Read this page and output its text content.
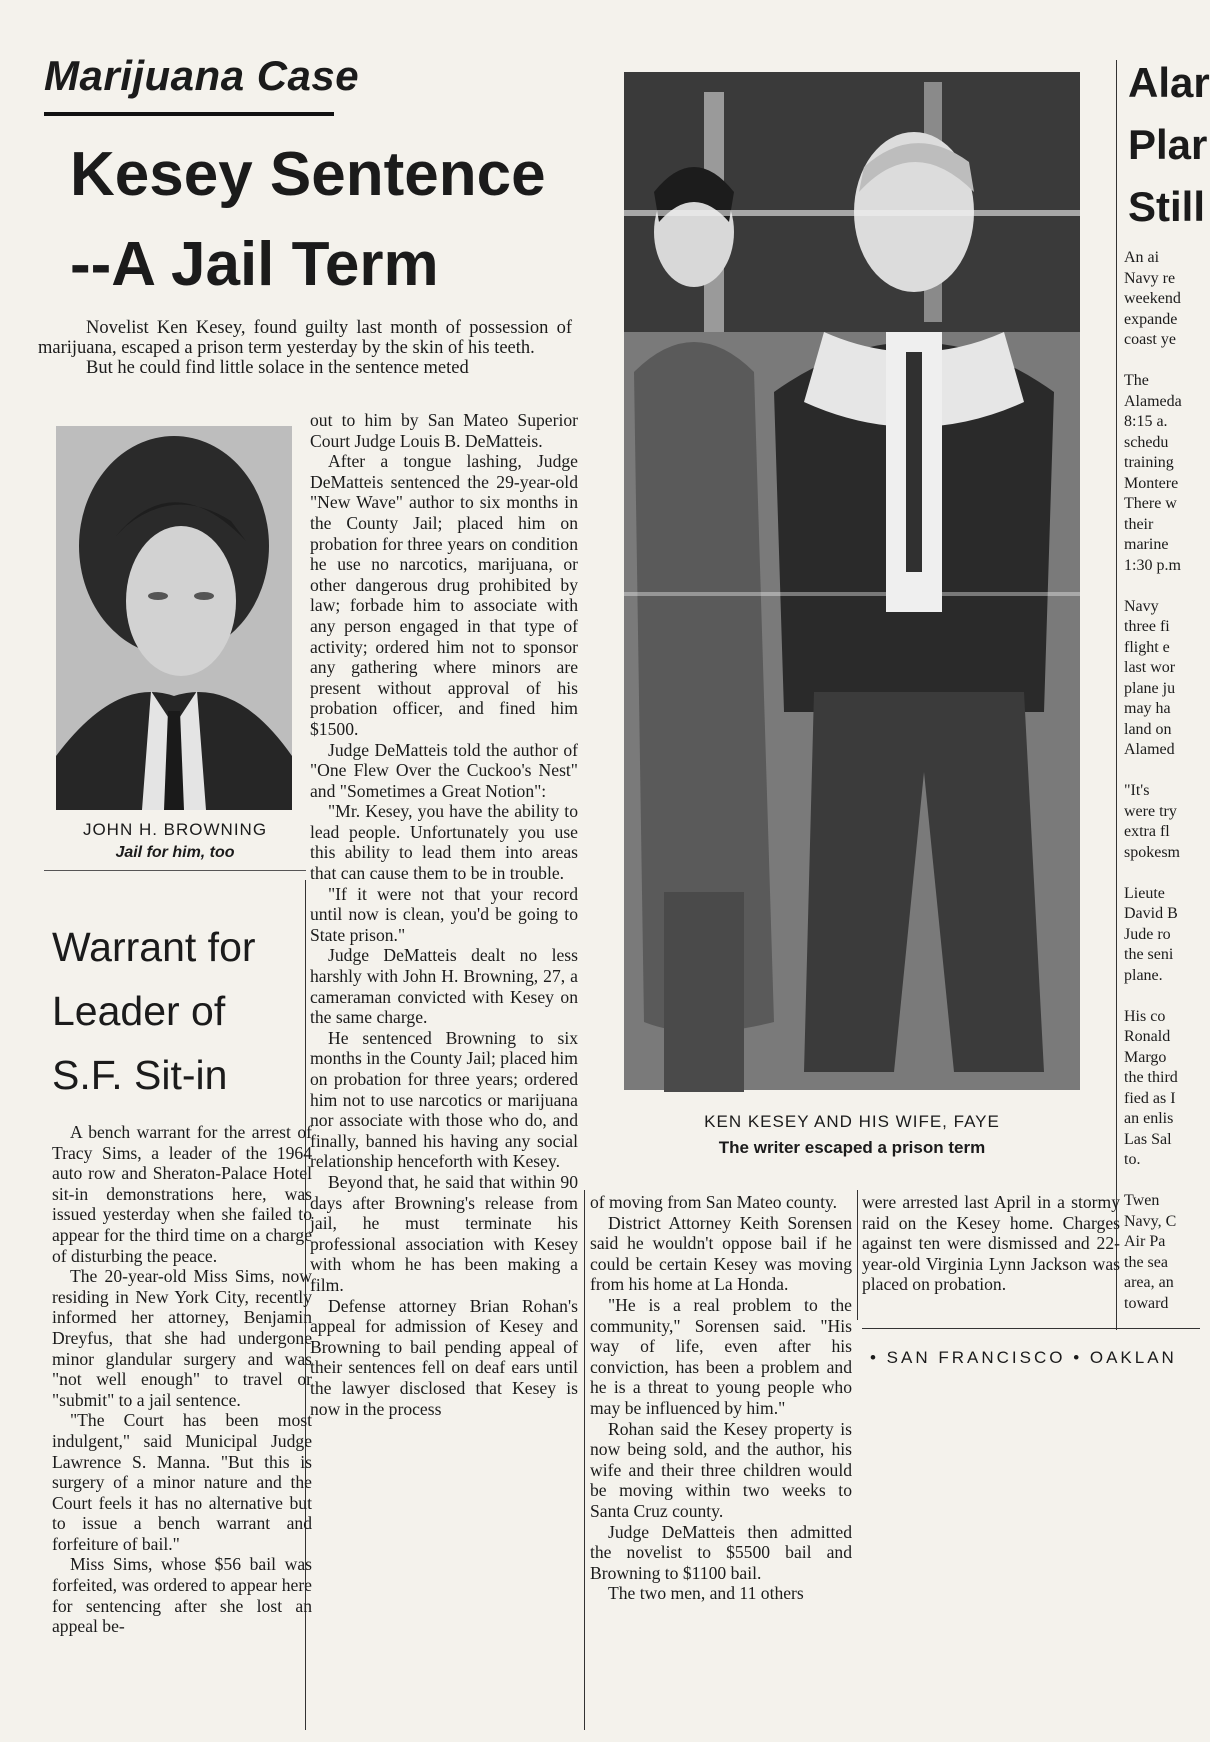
Marijuana Case
Kesey Sentence
--A Jail Term

Novelist Ken Kesey, found guilty last month of possession of marijuana, escaped a prison term yesterday by the skin of his teeth.

But he could find little solace in the sentence meted

JOHN H. BROWNING
Jail for him, too

out to him by San Mateo Superior Court Judge Louis B. DeMatteis.

After a tongue lashing, Judge DeMatteis sentenced the 29-year-old "New Wave" author to six months in the County Jail; placed him on probation for three years on condition he use no narcotics, marijuana, or other dangerous drug prohibited by law; forbade him to associate with any person engaged in that type of activity; ordered him not to sponsor any gathering where minors are present without approval of his probation officer, and fined him $1500.

Judge DeMatteis told the author of "One Flew Over the Cuckoo's Nest" and "Sometimes a Great Notion":

"Mr. Kesey, you have the ability to lead people. Unfortunately you use this ability to lead them into areas that can cause them to be in trouble.

"If it were not that your record until now is clean, you'd be going to State prison."

Judge DeMatteis dealt no less harshly with John H. Browning, 27, a cameraman convicted with Kesey on the same charge.

He sentenced Browning to six months in the County Jail; placed him on probation for three years; ordered him not to use narcotics or marijuana nor associate with those who do, and finally, banned his having any social relationship henceforth with Kesey.

Beyond that, he said that within 90 days after Browning's release from jail, he must terminate his professional association with Kesey with whom he has been making a film.

Defense attorney Brian Rohan's appeal for admission of Kesey and Browning to bail pending appeal of their sentences fell on deaf ears until the lawyer disclosed that Kesey is now in the process

Warrant for
Leader of
S.F. Sit-in

A bench warrant for the arrest of Tracy Sims, a leader of the 1964 auto row and Sheraton-Palace Hotel sit-in demonstrations here, was issued yesterday when she failed to appear for the third time on a charge of disturbing the peace.

The 20-year-old Miss Sims, now residing in New York City, recently informed her attorney, Benjamin Dreyfus, that she had undergone minor glandular surgery and was "not well enough" to travel or "submit" to a jail sentence.

"The Court has been most indulgent," said Municipal Judge Lawrence S. Manna. "But this is surgery of a minor nature and the Court feels it has no alternative but to issue a bench warrant and forfeiture of bail."

Miss Sims, whose $56 bail was forfeited, was ordered to appear here for sentencing after she lost an appeal be-

KEN KESEY AND HIS WIFE, FAYE
The writer escaped a prison term

of moving from San Mateo county.

District Attorney Keith Sorensen said he wouldn't oppose bail if he could be certain Kesey was moving from his home at La Honda.

"He is a real problem to the community," Sorensen said. "His way of life, even after his conviction, has been a problem and he is a threat to young people who may be influenced by him."

Rohan said the Kesey property is now being sold, and the author, his wife and their three children would be moving within two weeks to Santa Cruz county.

Judge DeMatteis then admitted the novelist to $5500 bail and Browning to $1100 bail.

The two men, and 11 others

were arrested last April in a stormy raid on the Kesey home. Charges against ten were dismissed and 22-year-old Virginia Lynn Jackson was placed on probation.

• SAN FRANCISCO • OAKLAN
Alar
Plar
Still
An ai
Navy re
weekend
expande
coast ye
The
Alameda
8:15 a.
schedu
training
Montere
There w
their
marine
1:30 p.m
Navy
three fi
flight e
last wor
plane ju
may ha
land on
Alamed
"It's
were try
extra fl
spokesm
Lieute
David B
Jude ro
the seni
plane.
His co
Ronald
Margo
the third
fied as I
an enlis
Las Sal
to.
Twen
Navy, C
Air Pa
the sea
area, an
toward
